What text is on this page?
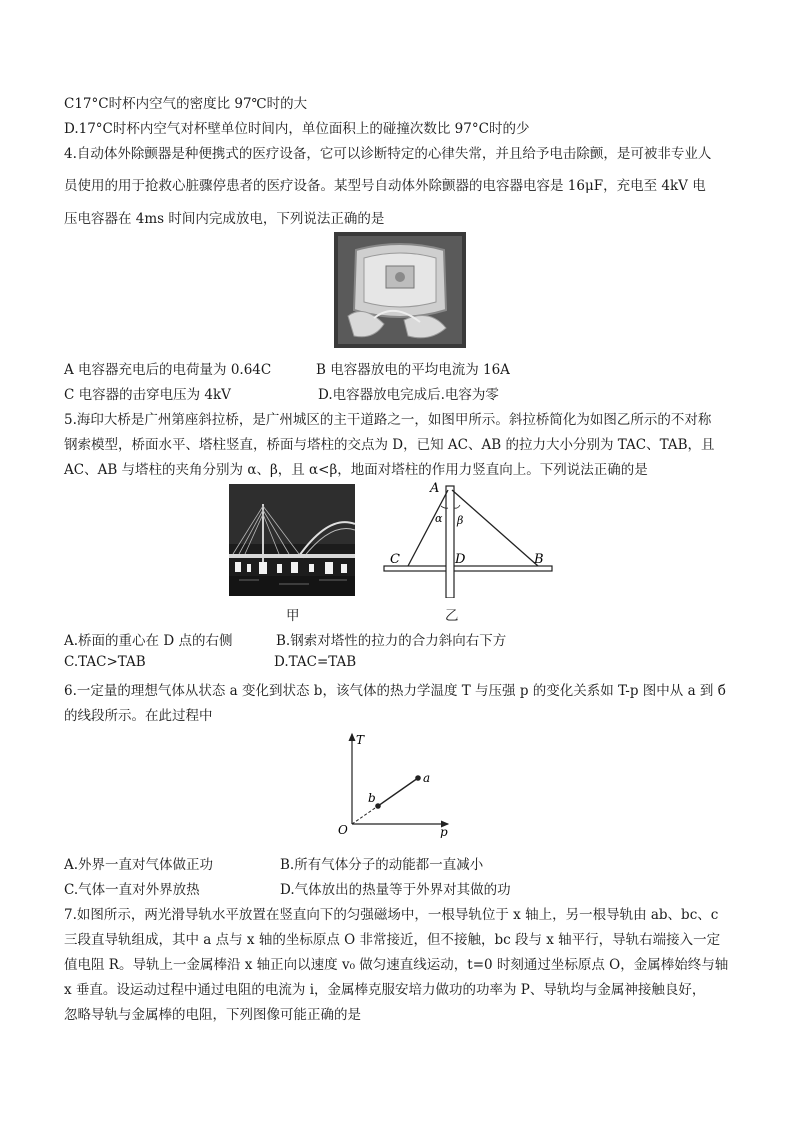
C17°C时杯内空气的密度比 97℃时的大
D.17°C时杯内空气对杯壁单位时间内，单位面积上的碰撞次数比 97°C时的少
4.自动体外除颤器是种便携式的医疗设备，它可以诊断特定的心律失常，并且给予电击除颤，是可被非专业人
员使用的用于抢救心脏骤停患者的医疗设备。某型号自动体外除颤器的电容器电容是 16μF，充电至 4kV 电
压电容器在 4ms 时间内完成放电，下列说法正确的是
A 电容器充电后的电荷量为 0.64C	B 电容器放电的平均电流为 16A
C 电容器的击穿电压为 4kV	D.电容器放电完成后.电容为零
5.海印大桥是广州第座斜拉桥，是广州城区的主干道路之一，如图甲所示。斜拉桥简化为如图乙所示的不对称
钢索模型，桥面水平、塔柱竖直，桥面与塔柱的交点为 D，已知 AC、AB 的拉力大小分别为 TAC、TAB，且
AC、AB 与塔柱的夹角分别为 α、β，且 α<β，地面对塔柱的作用力竖直向上。下列说法正确的是
甲
A
α β
C	D	B
乙
A.桥面的重心在 D 点的右侧	B.钢索对塔性的拉力的合力斜向右下方
C.TAC>TAB	D.TAC=TAB
6.一定量的理想气体从状态 a 变化到状态 b，该气体的热力学温度 T 与压强 p 的变化关系如 T-p 图中从 a 到 б
的线段所示。在此过程中
T
p
O
a
b
A.外界一直对气体做正功	B.所有气体分子的动能都一直减小
C.气体一直对外界放热	D.气体放出的热量等于外界对其做的功
7.如图所示，两光滑导轨水平放置在竖直向下的匀强磁场中，一根导轨位于 x 轴上，另一根导轨由 ab、bc、c
三段直导轨组成，其中 a 点与 x 轴的坐标原点 O 非常接近，但不接触，bc 段与 x 轴平行，导轨右端接入一定
值电阻 R。导轨上一金属棒沿 x 轴正向以速度 v₀ 做匀速直线运动，t=0 时刻通过坐标原点 O，金属棒始终与轴
x 垂直。设运动过程中通过电阻的电流为 i，金属棒克服安培力做功的功率为 P、导轨均与金属神接触良好，
忽略导轨与金属棒的电阻，下列图像可能正确的是
